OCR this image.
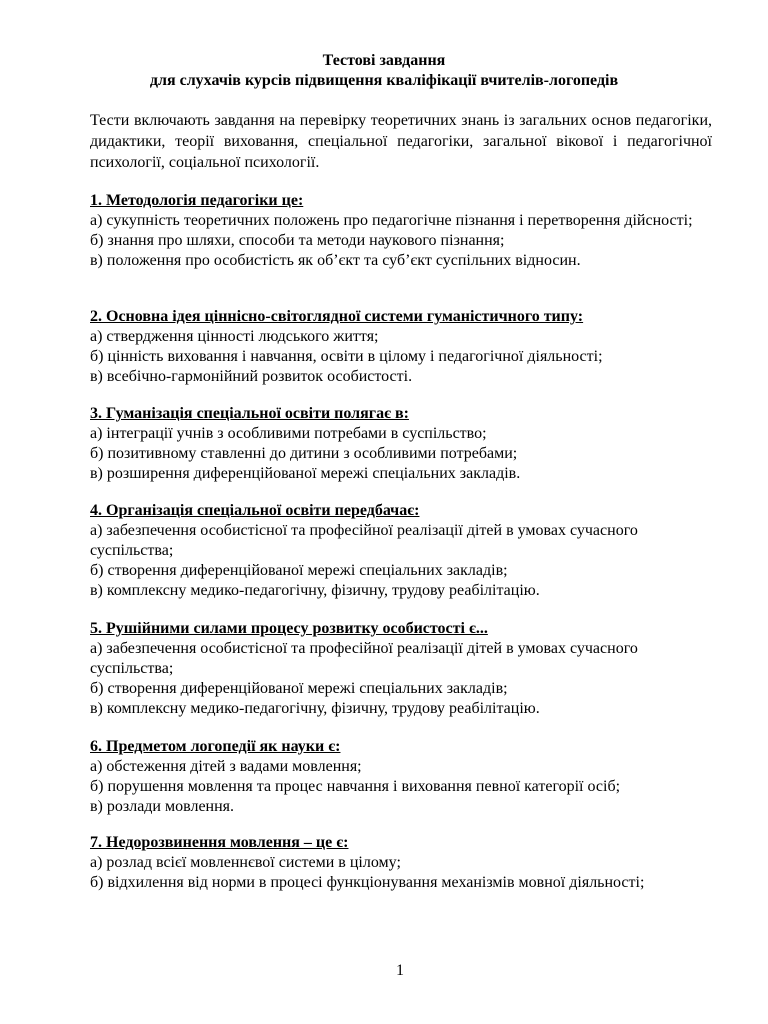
Тестові завдання
для слухачів курсів підвищення кваліфікації вчителів-логопедів
Тести включають завдання на перевірку теоретичних знань із загальних основ педагогіки, дидактики, теорії виховання, спеціальної педагогіки, загальної вікової і педагогічної психології, соціальної психології.
1. Методологія педагогіки це:
а) сукупність теоретичних положень про педагогічне пізнання і перетворення дійсності;
б) знання про шляхи, способи та методи наукового пізнання;
в) положення про особистість як об’єкт та суб’єкт суспільних відносин.
2. Основна ідея ціннісно-світоглядної системи гуманістичного типу:
а) ствердження цінності людського життя;
б) цінність виховання і навчання, освіти в цілому і педагогічної діяльності;
в) всебічно-гармонійний розвиток особистості.
3. Гуманізація спеціальної освіти полягає в:
а) інтеграції учнів з особливими потребами в суспільство;
б) позитивному ставленні до дитини з особливими потребами;
в) розширення диференційованої мережі спеціальних закладів.
4. Організація спеціальної освіти передбачає:
а) забезпечення особистісної та професійної реалізації дітей в умовах сучасного суспільства;
б) створення диференційованої мережі спеціальних закладів;
в) комплексну медико-педагогічну, фізичну, трудову реабілітацію.
5. Рушійними силами процесу розвитку особистості є...
а) забезпечення особистісної та професійної реалізації дітей в умовах сучасного суспільства;
б) створення диференційованої мережі спеціальних закладів;
в) комплексну медико-педагогічну, фізичну, трудову реабілітацію.
6. Предметом логопедії як науки є:
а) обстеження дітей з вадами мовлення;
б) порушення мовлення та процес навчання і виховання певної категорії осіб;
в) розлади мовлення.
7. Недорозвинення мовлення – це є:
а) розлад всієї мовленнєвої системи в цілому;
б) відхилення від норми в процесі функціонування механізмів мовної діяльності;
1
